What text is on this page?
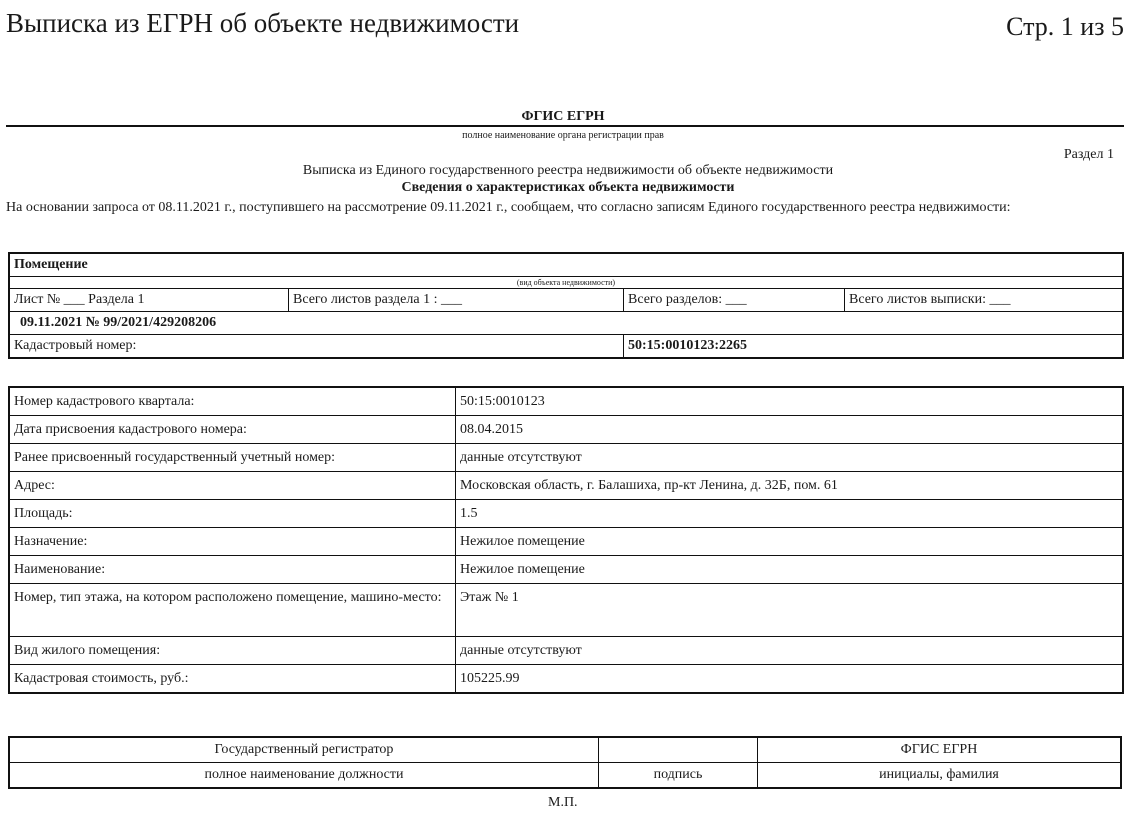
Выписка из ЕГРН об объекте недвижимости	Стр. 1 из 5
ФГИС ЕГРН
полное наименование органа регистрации прав
Раздел 1
Выписка из Единого государственного реестра недвижимости об объекте недвижимости
Сведения о характеристиках объекта недвижимости
На основании запроса от 08.11.2021 г., поступившего на рассмотрение 09.11.2021 г., сообщаем, что согласно записям Единого государственного реестра недвижимости:
Помещение			
(вид объекта недвижимости)			
Лист № ___ Раздела 1	Всего листов раздела 1 : ___	Всего разделов: ___	Всего листов выписки: ___
09.11.2021 № 99/2021/429208206			
Кадастровый номер:		50:15:0010123:2265	
Номер кадастрового квартала:	50:15:0010123
Дата присвоения кадастрового номера:	08.04.2015
Ранее присвоенный государственный учетный номер:	данные отсутствуют
Адрес:	Московская область, г. Балашиха, пр-кт Ленина, д. 32Б, пом. 61
Площадь:	1.5
Назначение:	Нежилое помещение
Наименование:	Нежилое помещение
Номер, тип этажа, на котором расположено помещение, машино-место:	Этаж № 1
Вид жилого помещения:	данные отсутствуют
Кадастровая стоимость, руб.:	105225.99
Государственный регистратор		ФГИС ЕГРН
полное наименование должности	подпись	инициалы, фамилия
М.П.
